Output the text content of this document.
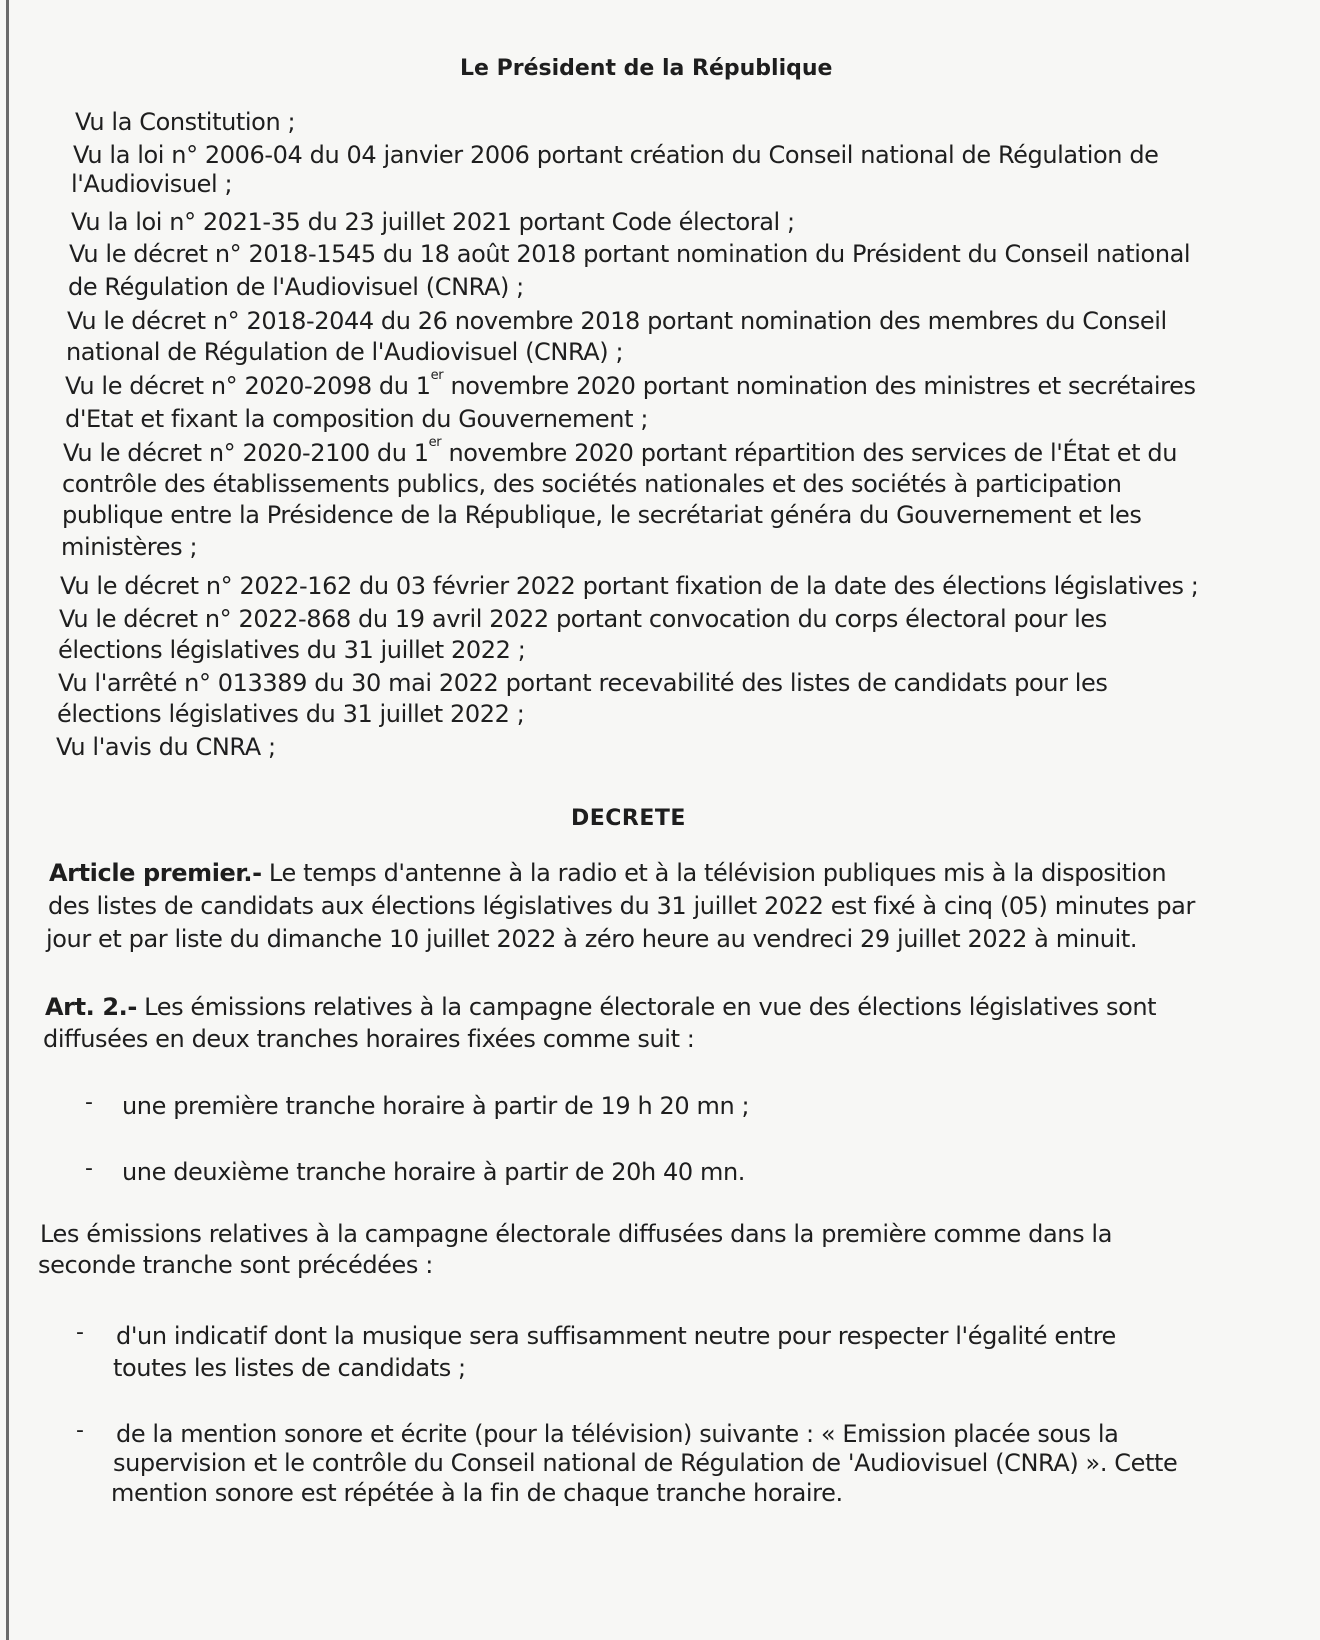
Le Président de la République
Vu la Constitution ;
Vu la loi n° 2006-04 du 04 janvier 2006 portant création du Conseil national de Régulation de
l'Audiovisuel ;
Vu la loi n° 2021-35 du 23 juillet 2021 portant Code électoral ;
Vu le décret n° 2018-1545 du 18 août 2018 portant nomination du Président du Conseil national
de Régulation de l'Audiovisuel (CNRA) ;
Vu le décret n° 2018-2044 du 26 novembre 2018 portant nomination des membres du Conseil
national de Régulation de l'Audiovisuel (CNRA) ;
Vu le décret n° 2020-2098 du 1er novembre 2020 portant nomination des ministres et secrétaires
d'Etat et fixant la composition du Gouvernement ;
Vu le décret n° 2020-2100 du 1er novembre 2020 portant répartition des services de l'État et du
contrôle des établissements publics, des sociétés nationales et des sociétés à participation
publique entre la Présidence de la République, le secrétariat généra du Gouvernement et les
ministères ;
Vu le décret n° 2022-162 du 03 février 2022 portant fixation de la date des élections législatives ;
Vu le décret n° 2022-868 du 19 avril 2022 portant convocation du corps électoral pour les
élections législatives du 31 juillet 2022 ;
Vu l'arrêté n° 013389 du 30 mai 2022 portant recevabilité des listes de candidats pour les
élections législatives du 31 juillet 2022 ;
Vu l'avis du CNRA ;
DECRETE
Article premier.- Le temps d'antenne à la radio et à la télévision publiques mis à la disposition
des listes de candidats aux élections législatives du 31 juillet 2022 est fixé à cinq (05) minutes par
jour et par liste du dimanche 10 juillet 2022 à zéro heure au vendreci 29 juillet 2022 à minuit.
Art. 2.- Les émissions relatives à la campagne électorale en vue des élections législatives sont
diffusées en deux tranches horaires fixées comme suit :
- une première tranche horaire à partir de 19 h 20 mn ;
- une deuxième tranche horaire à partir de 20h 40 mn.
Les émissions relatives à la campagne électorale diffusées dans la première comme dans la
seconde tranche sont précédées :
- d'un indicatif dont la musique sera suffisamment neutre pour respecter l'égalité entre
toutes les listes de candidats ;
- de la mention sonore et écrite (pour la télévision) suivante : « Emission placée sous la
supervision et le contrôle du Conseil national de Régulation de 'Audiovisuel (CNRA) ». Cette
mention sonore est répétée à la fin de chaque tranche horaire.
